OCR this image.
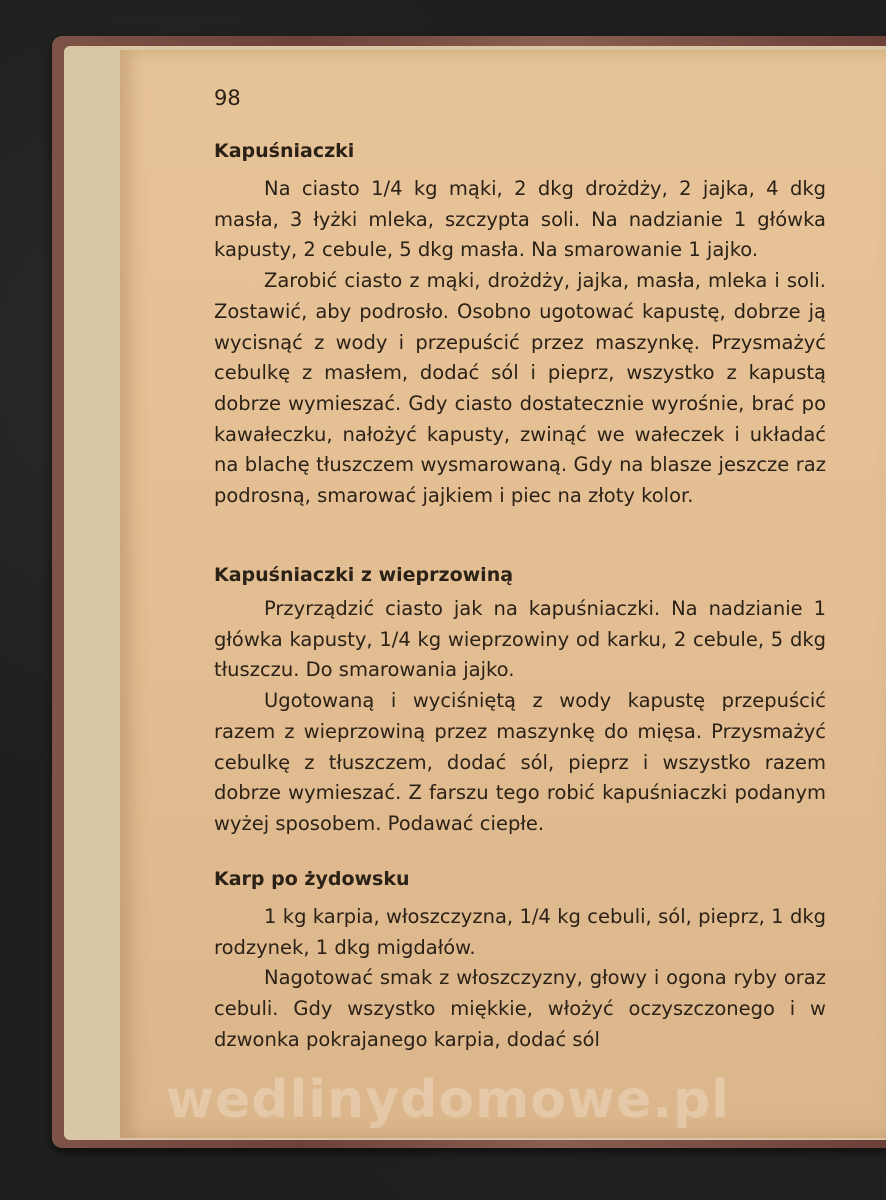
98
Kapuśniaczki

Na ciasto 1/4 kg mąki, 2 dkg drożdży, 2 jajka, 4 dkg masła, 3 łyżki mleka, szczypta soli. Na nadzianie 1 główka kapusty, 2 cebule, 5 dkg masła. Na smarowanie 1 jajko.

Zarobić ciasto z mąki, drożdży, jajka, masła, mleka i soli. Zostawić, aby podrosło. Osobno ugotować kapustę, dobrze ją wycisnąć z wody i przepuścić przez maszynkę. Przysmażyć cebulkę z masłem, dodać sól i pieprz, wszystko z kapustą dobrze wymieszać. Gdy ciasto dostatecznie wyrośnie, brać po kawałeczku, nałożyć kapusty, zwinąć we wałeczek i układać na blachę tłuszczem wysmarowaną. Gdy na blasze jeszcze raz podrosną, smarować jajkiem i piec na złoty kolor.

Kapuśniaczki z wieprzowiną

Przyrządzić ciasto jak na kapuśniaczki. Na nadzianie 1 główka kapusty, 1/4 kg wieprzowiny od karku, 2 cebule, 5 dkg tłuszczu. Do smarowania jajko.

Ugotowaną i wyciśniętą z wody kapustę przepuścić razem z wieprzowiną przez maszynkę do mięsa. Przysmażyć cebulkę z tłuszczem, dodać sól, pieprz i wszystko razem dobrze wymieszać. Z farszu tego robić kapuśniaczki podanym wyżej sposobem. Podawać ciepłe.

Karp po żydowsku

1 kg karpia, włoszczyzna, 1/4 kg cebuli, sól, pieprz, 1 dkg rodzynek, 1 dkg migdałów.

Nagotować smak z włoszczyzny, głowy i ogona ryby oraz cebuli. Gdy wszystko miękkie, włożyć oczyszczonego i w dzwonka pokrajanego karpia, dodać sól

wedlinydomowe.pl
